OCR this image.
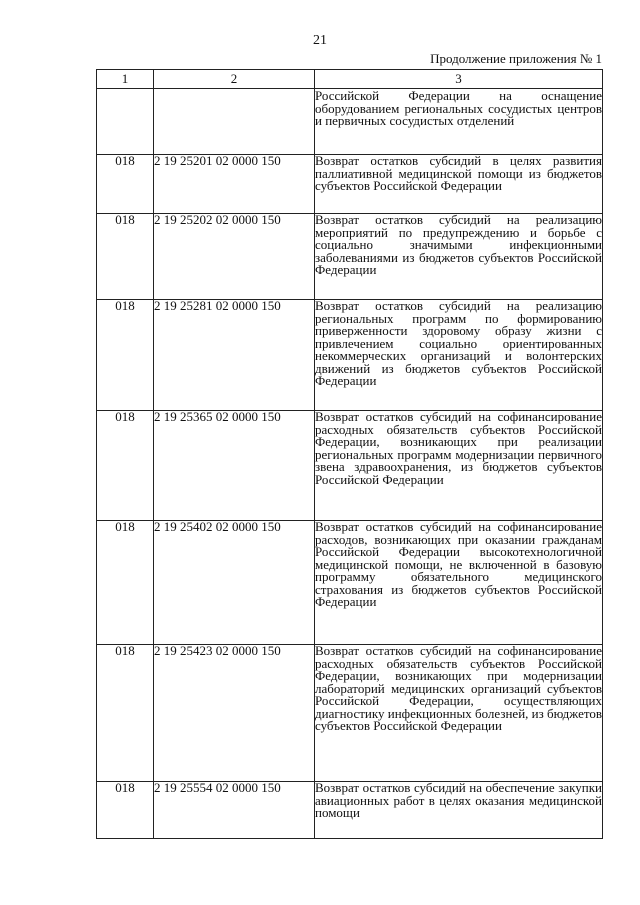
21
Продолжение приложения № 1
1	2	3
		Российской Федерации на оснащение оборудованием региональных сосудистых центров и первичных сосудистых отделений
018	2 19 25201 02 0000 150	Возврат остатков субсидий в целях развития паллиативной медицинской помощи из бюджетов субъектов Российской Федерации
018	2 19 25202 02 0000 150	Возврат остатков субсидий на реализацию мероприятий по предупреждению и борьбе с социально значимыми инфекционными заболеваниями из бюджетов субъектов Российской Федерации
018	2 19 25281 02 0000 150	Возврат остатков субсидий на реализацию региональных программ по формированию приверженности здоровому образу жизни с привлечением социально ориентированных некоммерческих организаций и волонтерских движений из бюджетов субъектов Российской Федерации
018	2 19 25365 02 0000 150	Возврат остатков субсидий на софинансирование расходных обязательств субъектов Российской Федерации, возникающих при реализации региональных программ модернизации первичного звена здравоохранения, из бюджетов субъектов Российской Федерации
018	2 19 25402 02 0000 150	Возврат остатков субсидий на софинансирование расходов, возникающих при оказании гражданам Российской Федерации высокотехнологичной медицинской помощи, не включенной в базовую программу обязательного медицинского страхования из бюджетов субъектов Российской Федерации
018	2 19 25423 02 0000 150	Возврат остатков субсидий на софинансирование расходных обязательств субъектов Российской Федерации, возникающих при модернизации лабораторий медицинских организаций субъектов Российской Федерации, осуществляющих диагностику инфекционных болезней, из бюджетов субъектов Российской Федерации
018	2 19 25554 02 0000 150	Возврат остатков субсидий на обеспечение закупки авиационных работ в целях оказания медицинской помощи
